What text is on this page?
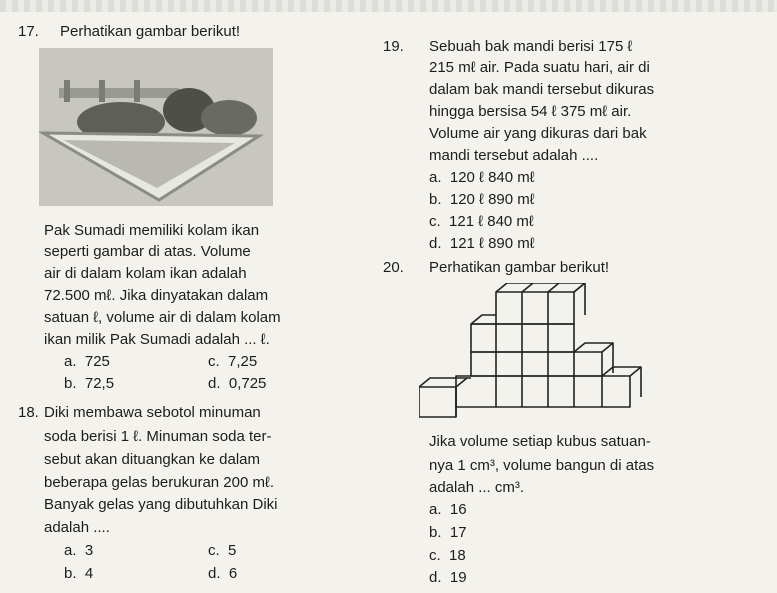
17. Perhatikan gambar berikut!
Pak Sumadi memiliki kolam ikan
seperti gambar di atas. Volume
air di dalam kolam ikan adalah
72.500 mℓ. Jika dinyatakan dalam
satuan ℓ, volume air di dalam kolam
ikan milik Pak Sumadi adalah ... ℓ.
a. 725
b. 72,5
c. 7,25
d. 0,725
18. Diki membawa sebotol minuman
soda berisi 1 ℓ. Minuman soda ter-
sebut akan dituangkan ke dalam
beberapa gelas berukuran 200 mℓ.
Banyak gelas yang dibutuhkan Diki
adalah ....
a. 3
b. 4
c. 5
d. 6
19. Sebuah bak mandi berisi 175 ℓ
215 mℓ air. Pada suatu hari, air di
dalam bak mandi tersebut dikuras
hingga bersisa 54 ℓ 375 mℓ air.
Volume air yang dikuras dari bak
mandi tersebut adalah ....
a. 120 ℓ 840 mℓ
b. 120 ℓ 890 mℓ
c. 121 ℓ 840 mℓ
d. 121 ℓ 890 mℓ
20. Perhatikan gambar berikut!
Jika volume setiap kubus satuan-
nya 1 cm³, volume bangun di atas
adalah ... cm³.
a. 16
b. 17
c. 18
d. 19
